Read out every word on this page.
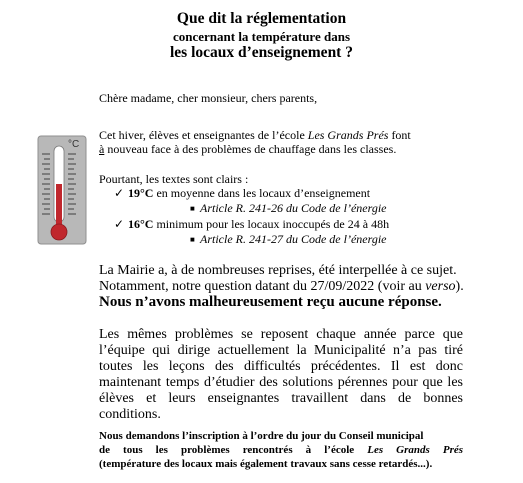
Que dit la réglementation
concernant la température dans
les locaux d’enseignement ?
°C
Chère madame, cher monsieur, chers parents,
Cet hiver, élèves et enseignantes de l’école Les Grands Prés font
à nouveau face à des problèmes de chauffage dans les classes.
Pourtant, les textes sont clairs :
✓ 19°C en moyenne dans les locaux d’enseignement
■ Article R. 241-26 du Code de l’énergie
✓ 16°C minimum pour les locaux inoccupés de 24 à 48h
■ Article R. 241-27 du Code de l’énergie
La Mairie a, à de nombreuses reprises, été interpellée à ce sujet.
Notamment, notre question datant du 27/09/2022 (voir au verso).
Nous n’avons malheureusement reçu aucune réponse.
Les mêmes problèmes se reposent chaque année parce que l’équipe qui dirige actuellement la Municipalité n’a pas tiré toutes les leçons des difficultés précédentes. Il est donc maintenant temps d’étudier des solutions pérennes pour que les élèves et leurs enseignantes travaillent dans de bonnes conditions.
Nous demandons l’inscription à l’ordre du jour du Conseil municipal
de tous les problèmes rencontrés à l’école Les Grands Prés
(température des locaux mais également travaux sans cesse retardés...).
